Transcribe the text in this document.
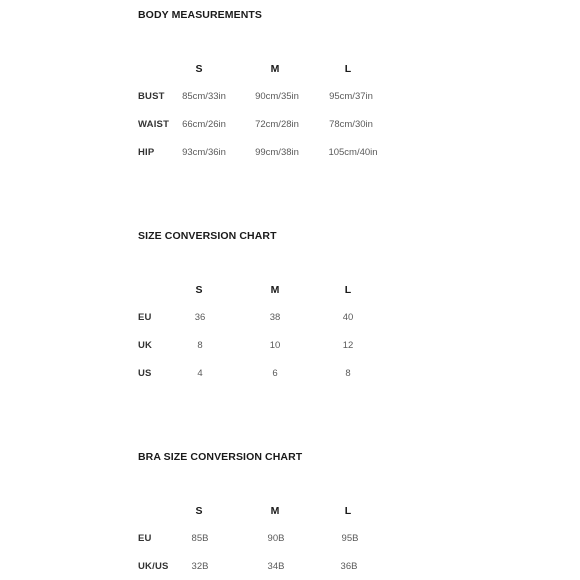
BODY MEASUREMENTS
S	M	L
BUST 85cm/33in	90cm/35in	95cm/37in
WAIST 66cm/26in	72cm/28in	78cm/30in
HIP	93cm/36in	99cm/38in	105cm/40in
SIZE CONVERSION CHART
S	M	L
EU	36	38	40
UK	8	10	12
US	4	6	8
BRA SIZE CONVERSION CHART
S	M	L
EU	85B	90B	95B
UK/US 32B	34B	36B
